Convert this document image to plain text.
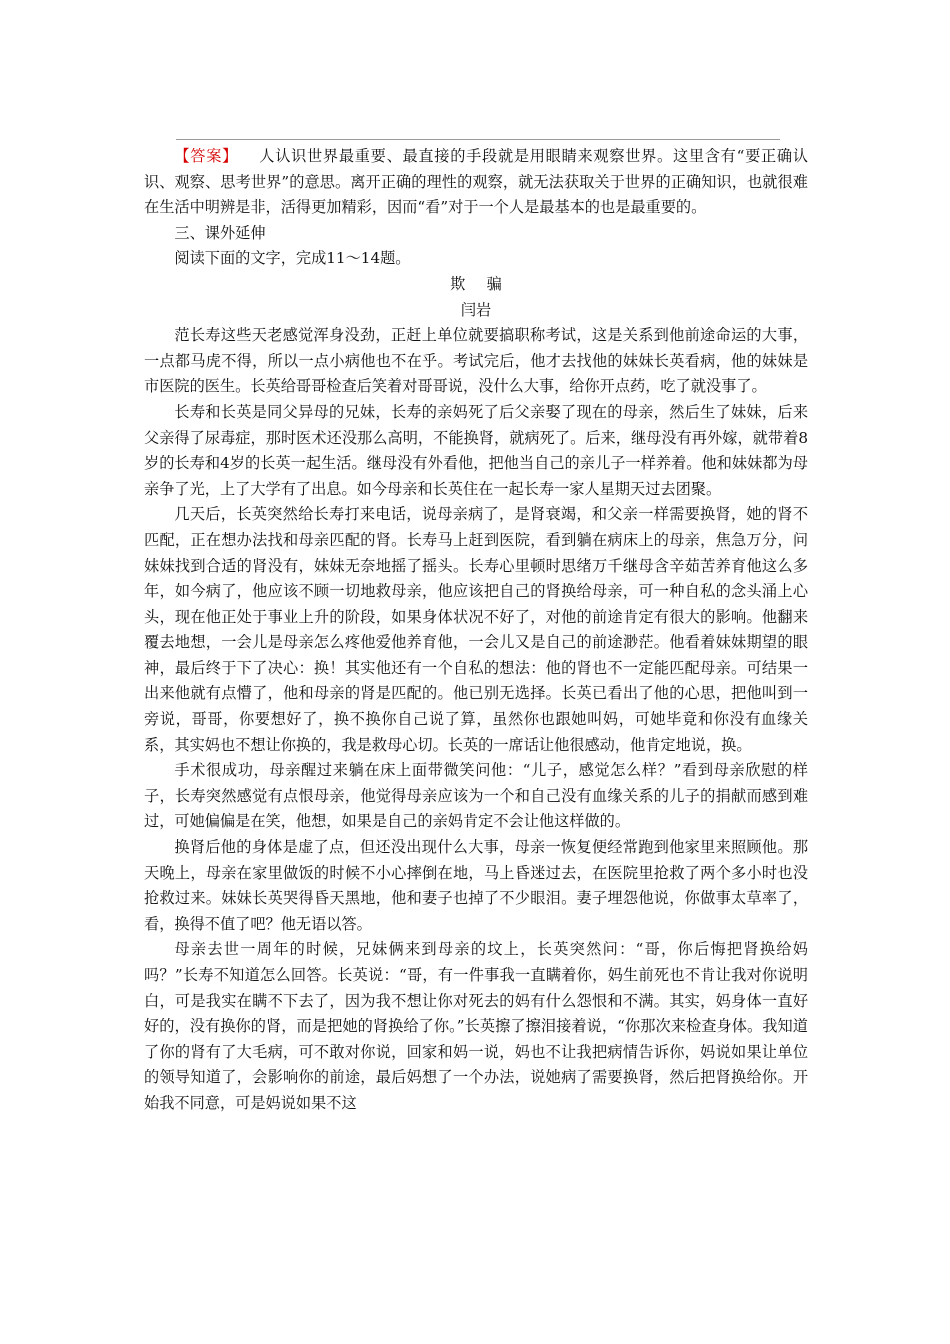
【答案】 人认识世界最重要、最直接的手段就是用眼睛来观察世界。这里含有“要正确认识、观察、思考世界”的意思。离开正确的理性的观察，就无法获取关于世界的正确知识，也就很难在生活中明辨是非，活得更加精彩，因而“看”对于一个人是最基本的也是最重要的。

三、课外延伸

阅读下面的文字，完成11～14题。

欺骗

闫岩

范长寿这些天老感觉浑身没劲，正赶上单位就要搞职称考试，这是关系到他前途命运的大事，一点都马虎不得，所以一点小病他也不在乎。考试完后，他才去找他的妹妹长英看病，他的妹妹是市医院的医生。长英给哥哥检查后笑着对哥哥说，没什么大事，给你开点药，吃了就没事了。

长寿和长英是同父异母的兄妹，长寿的亲妈死了后父亲娶了现在的母亲，然后生了妹妹，后来父亲得了尿毒症，那时医术还没那么高明，不能换肾，就病死了。后来，继母没有再外嫁，就带着8岁的长寿和4岁的长英一起生活。继母没有外看他，把他当自己的亲儿子一样养着。他和妹妹都为母亲争了光，上了大学有了出息。如今母亲和长英住在一起长寿一家人星期天过去团聚。

几天后，长英突然给长寿打来电话，说母亲病了，是肾衰竭，和父亲一样需要换肾，她的肾不匹配，正在想办法找和母亲匹配的肾。长寿马上赶到医院，看到躺在病床上的母亲，焦急万分，问妹妹找到合适的肾没有，妹妹无奈地摇了摇头。长寿心里顿时思绪万千继母含辛茹苦养育他这么多年，如今病了，他应该不顾一切地救母亲，他应该把自己的肾换给母亲，可一种自私的念头涌上心头，现在他正处于事业上升的阶段，如果身体状况不好了，对他的前途肯定有很大的影响。他翻来覆去地想，一会儿是母亲怎么疼他爱他养育他，一会儿又是自己的前途渺茫。他看着妹妹期望的眼神，最后终于下了决心：换！其实他还有一个自私的想法：他的肾也不一定能匹配母亲。可结果一出来他就有点懵了，他和母亲的肾是匹配的。他已别无选择。长英已看出了他的心思，把他叫到一旁说，哥哥，你要想好了，换不换你自己说了算，虽然你也跟她叫妈，可她毕竟和你没有血缘关系，其实妈也不想让你换的，我是救母心切。长英的一席话让他很感动，他肯定地说，换。

手术很成功，母亲醒过来躺在床上面带微笑问他：“儿子，感觉怎么样？”看到母亲欣慰的样子，长寿突然感觉有点恨母亲，他觉得母亲应该为一个和自己没有血缘关系的儿子的捐献而感到难过，可她偏偏是在笑，他想，如果是自己的亲妈肯定不会让他这样做的。

换肾后他的身体是虚了点，但还没出现什么大事，母亲一恢复便经常跑到他家里来照顾他。那天晚上，母亲在家里做饭的时候不小心摔倒在地，马上昏迷过去，在医院里抢救了两个多小时也没抢救过来。妹妹长英哭得昏天黑地，他和妻子也掉了不少眼泪。妻子埋怨他说，你做事太草率了，看，换得不值了吧？他无语以答。

母亲去世一周年的时候，兄妹俩来到母亲的坟上，长英突然问：“哥，你后悔把肾换给妈吗？”长寿不知道怎么回答。长英说：“哥，有一件事我一直瞒着你，妈生前死也不肯让我对你说明白，可是我实在瞒不下去了，因为我不想让你对死去的妈有什么怨恨和不满。其实，妈身体一直好好的，没有换你的肾，而是把她的肾换给了你。”长英擦了擦泪接着说，“你那次来检查身体。我知道了你的肾有了大毛病，可不敢对你说，回家和妈一说，妈也不让我把病情告诉你，妈说如果让单位的领导知道了，会影响你的前途，最后妈想了一个办法，说她病了需要换肾，然后把肾换给你。开始我不同意，可是妈说如果不这
